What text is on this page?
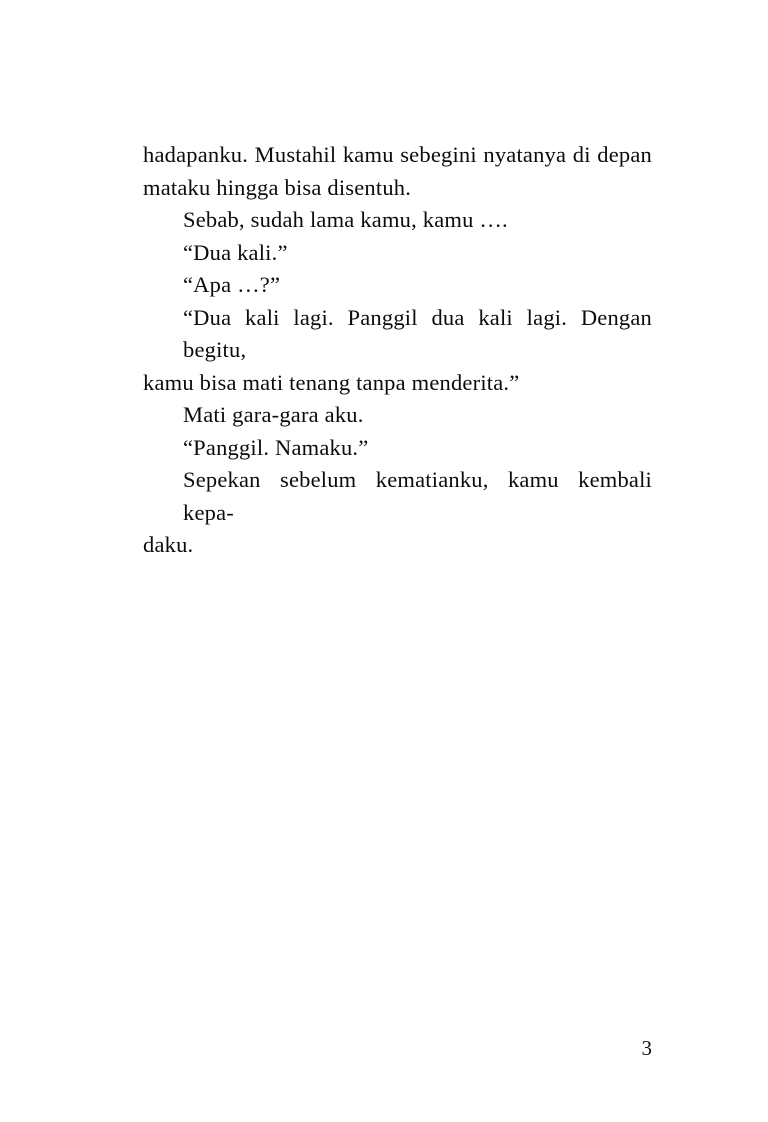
hadapanku. Mustahil kamu sebegini nyatanya di depan
mataku hingga bisa disentuh.
Sebab, sudah lama kamu, kamu ….
“Dua kali.”
“Apa …?”
“Dua kali lagi. Panggil dua kali lagi. Dengan begitu,
kamu bisa mati tenang tanpa menderita.”
Mati gara-gara aku.
“Panggil. Namaku.”
Sepekan sebelum kematianku, kamu kembali kepa-
daku.
3
